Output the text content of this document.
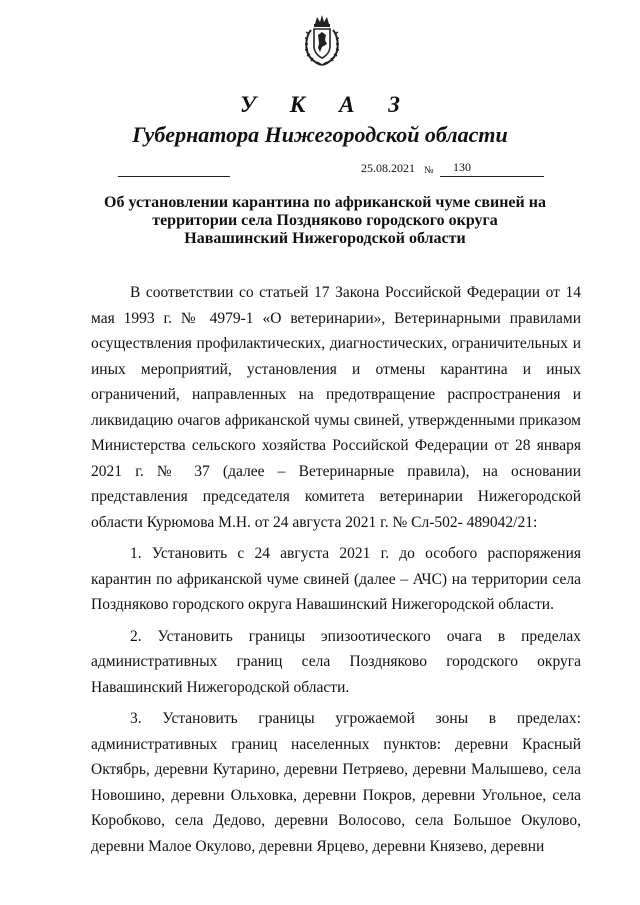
У К А З
Губернатора Нижегородской области
25.08.2021 № 130
Об установлении карантина по африканской чуме свиней на
территории села Поздняково городского округа
Навашинский Нижегородской области

В соответствии со статьей 17 Закона Российской Федерации от 14 мая 1993 г. № 4979-1 «О ветеринарии», Ветеринарными правилами осуществления профилактических, диагностических, ограничительных и иных мероприятий, установления и отмены карантина и иных ограничений, направленных на предотвращение распространения и ликвидацию очагов африканской чумы свиней, утвержденными приказом Министерства сельского хозяйства Российской Федерации от 28 января 2021 г. № 37 (далее – Ветеринарные правила), на основании представления председателя комитета ветеринарии Нижегородской области Курюмова М.Н. от 24 августа 2021 г. № Сл-502- 489042/21:

1. Установить с 24 августа 2021 г. до особого распоряжения карантин по африканской чуме свиней (далее – АЧС) на территории села Поздняково городского округа Навашинский Нижегородской области.

2. Установить границы эпизоотического очага в пределах административных границ села Поздняково городского округа Навашинский Нижегородской области.

3. Установить границы угрожаемой зоны в пределах: административных границ населенных пунктов: деревни Красный Октябрь, деревни Кутарино, деревни Петряево, деревни Малышево, села Новошино, деревни Ольховка, деревни Покров, деревни Угольное, села Коробково, села Дедово, деревни Волосово, села Большое Окулово, деревни Малое Окулово, деревни Ярцево, деревни Князево, деревни
